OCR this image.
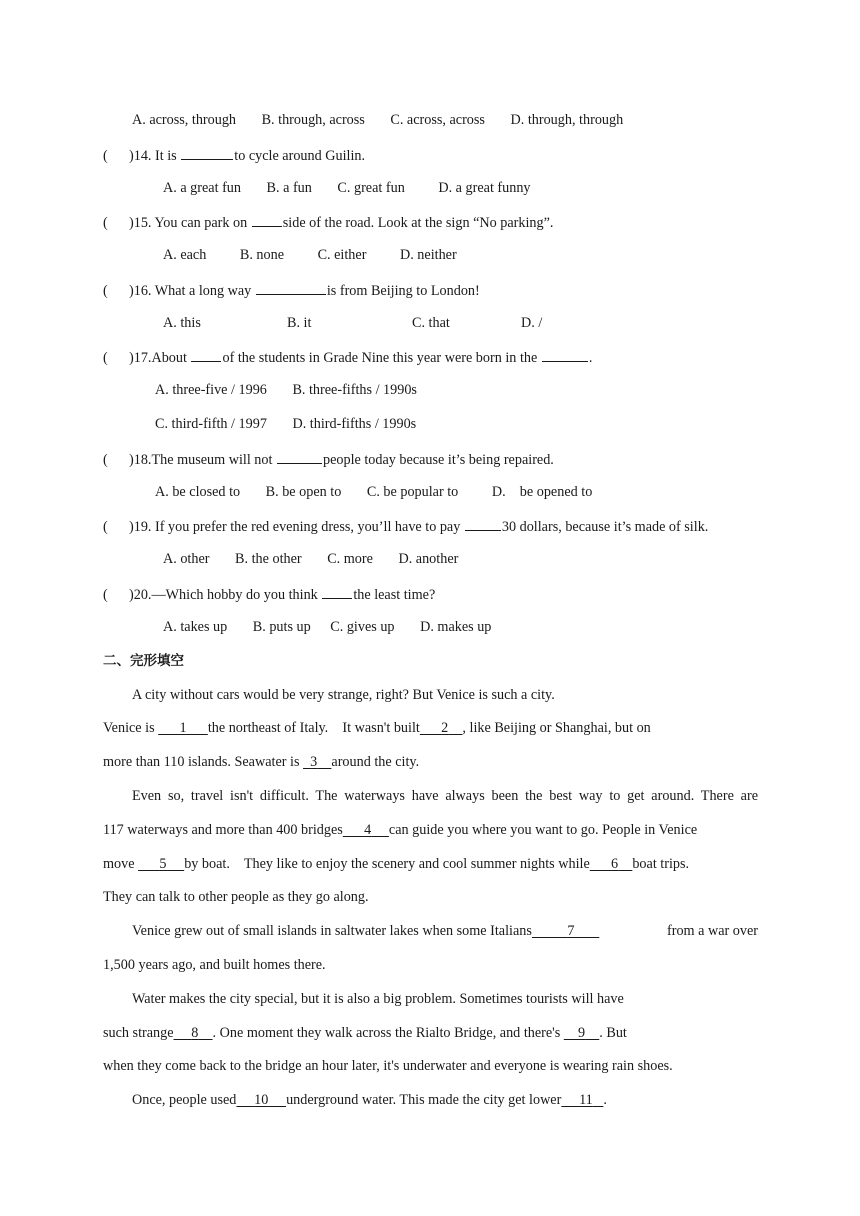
A. across, through B. through, across C. across, across D. through, through
(      )14. It is	to cycle around Guilin.
A. a great fun B. a fun C. great fun D. a great funny
(      )15. You can park on side of the road. Look at the sign “No parking”.
A. each B. none C. either D. neither
(      )16. What a long way	is from Beijing to London!
A. this	B. it	C. that	D. /
(      )17.About of the students in Grade Nine this year were born in the	.
A. three-five / 1996 B. three-fifths / 1990s
C. third-fifth / 1997 D. third-fifths / 1990s
(      )18.The museum will not	people today because it’s being repaired.
A. be closed to B. be open to C. be popular to D.    be opened to
(      )19. If you prefer the red evening dress, you’ll have to pay	30 dollars, because it’s made of silk.
A. other B. the other C. more D. another
(      )20.—Which hobby do you think the least time?
A. takes up B. puts up C. gives up D. makes up
二、完形填空
A city without cars would be very strange, right? But Venice is such a city.
Venice is       1 the northeast of Italy.    It wasn't built 2 , like Beijing or Shanghai, but on
more than 110 islands. Seawater is   3 around the city.
Even so, travel isn't difficult. The waterways have always been the best way to get around. There are
117 waterways and more than 400 bridges 4 can guide you where you want to go. People in Venice
move       5 by boat.    They like to enjoy the scenery and cool summer nights while 6 boat trips.
They can talk to other people as they go along.
Venice grew out of small islands in saltwater lakes when some Italians 7	from a war over
1,500 years ago, and built homes there.
Water makes the city special, but it is also a big problem. Sometimes tourists will have
such strange 8 . One moment they walk across the Rialto Bridge, and there's     9 . But
when they come back to the bridge an hour later, it's underwater and everyone is wearing rain shoes.
Once, people used 10 underground water. This made the city get lower 11 .
